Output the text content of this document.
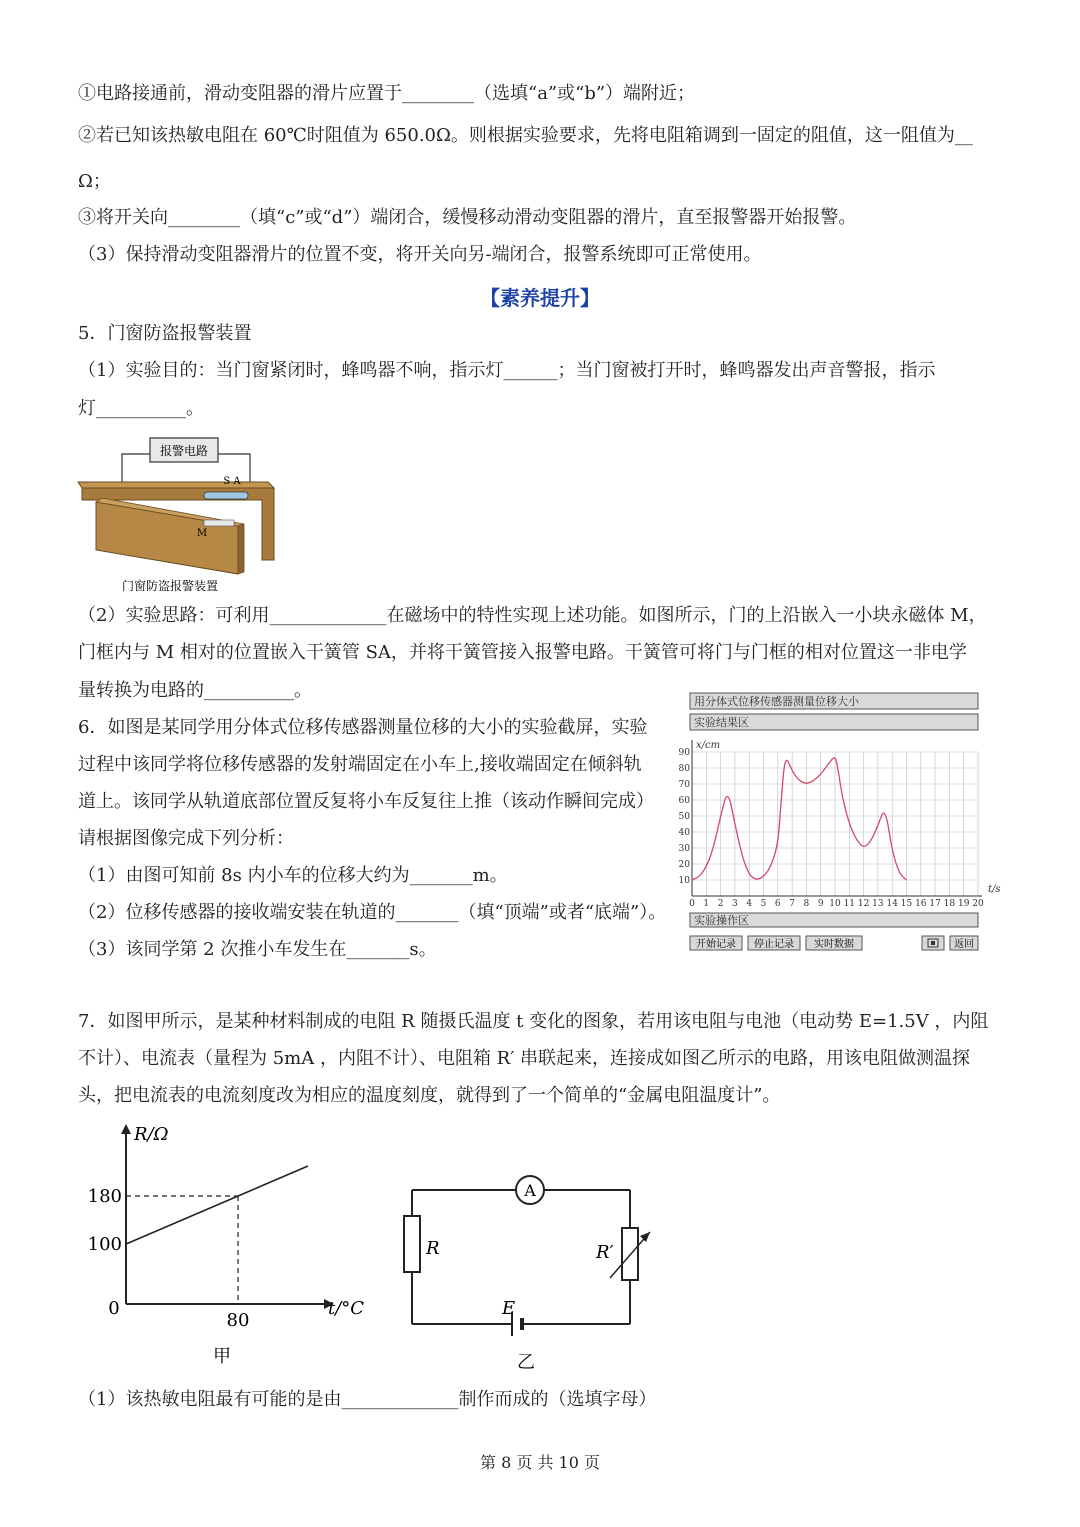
①电路接通前，滑动变阻器的滑片应置于________（选填“a”或“b”）端附近；
②若已知该热敏电阻在 60℃时阻值为 650.0Ω。则根据实验要求，先将电阻箱调到一固定的阻值，这一阻值为__
Ω；
③将开关向________（填“c”或“d”）端闭合，缓慢移动滑动变阻器的滑片，直至报警器开始报警。
（3）保持滑动变阻器滑片的位置不变，将开关向另-端闭合，报警系统即可正常使用。
【素养提升】
5．门窗防盗报警装置
（1）实验目的：当门窗紧闭时，蜂鸣器不响，指示灯______；当门窗被打开时，蜂鸣器发出声音警报，指示
灯__________。
报警电路
S A
M
门窗防盗报警装置
（2）实验思路：可利用_____________在磁场中的特性实现上述功能。如图所示，门的上沿嵌入一小块永磁体 M，
门框内与 M 相对的位置嵌入干簧管 SA，并将干簧管接入报警电路。干簧管可将门与门框的相对位置这一非电学
量转换为电路的__________。
6．如图是某同学用分体式位移传感器测量位移的大小的实验截屏，实验
过程中该同学将位移传感器的发射端固定在小车上,接收端固定在倾斜轨
道上。该同学从轨道底部位置反复将小车反复往上推（该动作瞬间完成）
请根据图像完成下列分析：
（1）由图可知前 8s 内小车的位移大约为_______m。
（2）位移传感器的接收端安装在轨道的_______（填“顶端”或者“底端”）。
（3）该同学第 2 次推小车发生在_______s。
用分体式位移传感器测量位移大小
实验结果区
0 1 2 3 4 5 6 7 8 9 10 11 12 13 14 15 16 17 18 19 20
10
20
30
40
50
60
70
80
90
t/s
x/cm
实验操作区
开始记录 停止记录 实时数据	返回
7．如图甲所示，是某种材料制成的电阻 R 随摄氏温度 t 变化的图象，若用该电阻与电池（电动势 E=1.5V ，内阻
不计）、电流表（量程为 5mA ，内阻不计）、电阻箱 R′ 串联起来，连接成如图乙所示的电路，用该电阻做测温探
头，把电流表的电流刻度改为相应的温度刻度，就得到了一个简单的“金属电阻温度计”。
100
180
0
80
t/°C
R/Ω
甲
A
R	R′
E
乙
（1）该热敏电阻最有可能的是由_____________制作而成的（选填字母）
第 8 页 共 10 页
